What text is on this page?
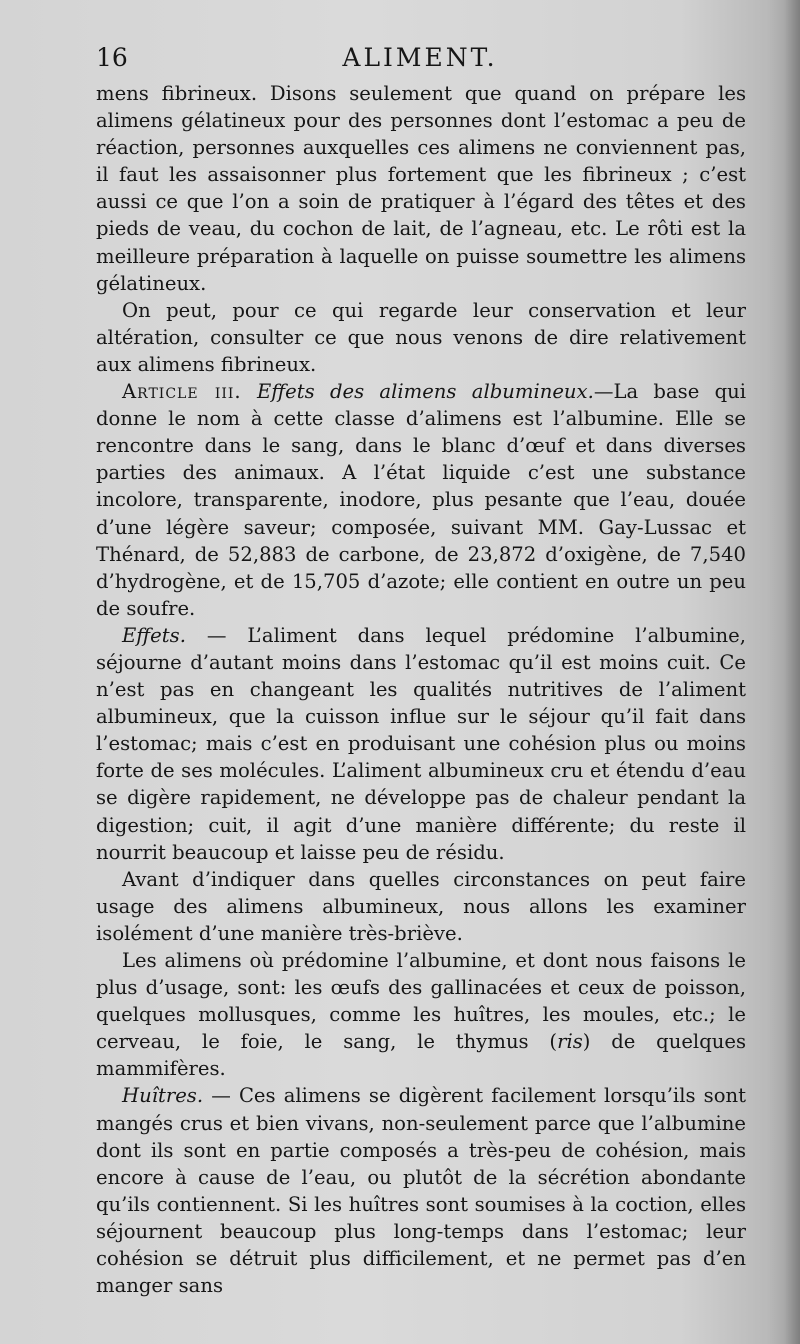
16	ALIMENT.

mens fibrineux. Disons seulement que quand on prépare les alimens gélatineux pour des personnes dont l’estomac a peu de réaction, personnes auxquelles ces alimens ne conviennent pas, il faut les assaisonner plus fortement que les fibrineux ; c’est aussi ce que l’on a soin de pratiquer à l’égard des têtes et des pieds de veau, du cochon de lait, de l’agneau, etc. Le rôti est la meilleure préparation à laquelle on puisse soumettre les alimens gélatineux.

On peut, pour ce qui regarde leur conservation et leur altération, consulter ce que nous venons de dire relativement aux alimens fibrineux.

Article iii. Effets des alimens albumineux.—La base qui donne le nom à cette classe d’alimens est l’albumine. Elle se rencontre dans le sang, dans le blanc d’œuf et dans diverses parties des animaux. A l’état liquide c’est une substance incolore, transparente, inodore, plus pesante que l’eau, douée d’une légère saveur; composée, suivant MM. Gay-Lussac et Thénard, de 52,883 de carbone, de 23,872 d’oxigène, de 7,540 d’hydrogène, et de 15,705 d’azote; elle contient en outre un peu de soufre.

Effets. — L’aliment dans lequel prédomine l’albumine, séjourne d’autant moins dans l’estomac qu’il est moins cuit. Ce n’est pas en changeant les qualités nutritives de l’aliment albumineux, que la cuisson influe sur le séjour qu’il fait dans l’estomac; mais c’est en produisant une cohésion plus ou moins forte de ses molécules. L’aliment albumineux cru et étendu d’eau se digère rapidement, ne développe pas de chaleur pendant la digestion; cuit, il agit d’une manière différente; du reste il nourrit beaucoup et laisse peu de résidu.

Avant d’indiquer dans quelles circonstances on peut faire usage des alimens albumineux, nous allons les examiner isolément d’une manière très-briève.

Les alimens où prédomine l’albumine, et dont nous faisons le plus d’usage, sont: les œufs des gallinacées et ceux de poisson, quelques mollusques, comme les huîtres, les moules, etc.; le cerveau, le foie, le sang, le thymus (ris) de quelques mammifères.

Huîtres. — Ces alimens se digèrent facilement lorsqu’ils sont mangés crus et bien vivans, non-seulement parce que l’albumine dont ils sont en partie composés a très-peu de cohésion, mais encore à cause de l’eau, ou plutôt de la sécrétion abondante qu’ils contiennent. Si les huîtres sont soumises à la coction, elles séjournent beaucoup plus long-temps dans l’estomac; leur cohésion se détruit plus difficilement, et ne permet pas d’en manger sans
